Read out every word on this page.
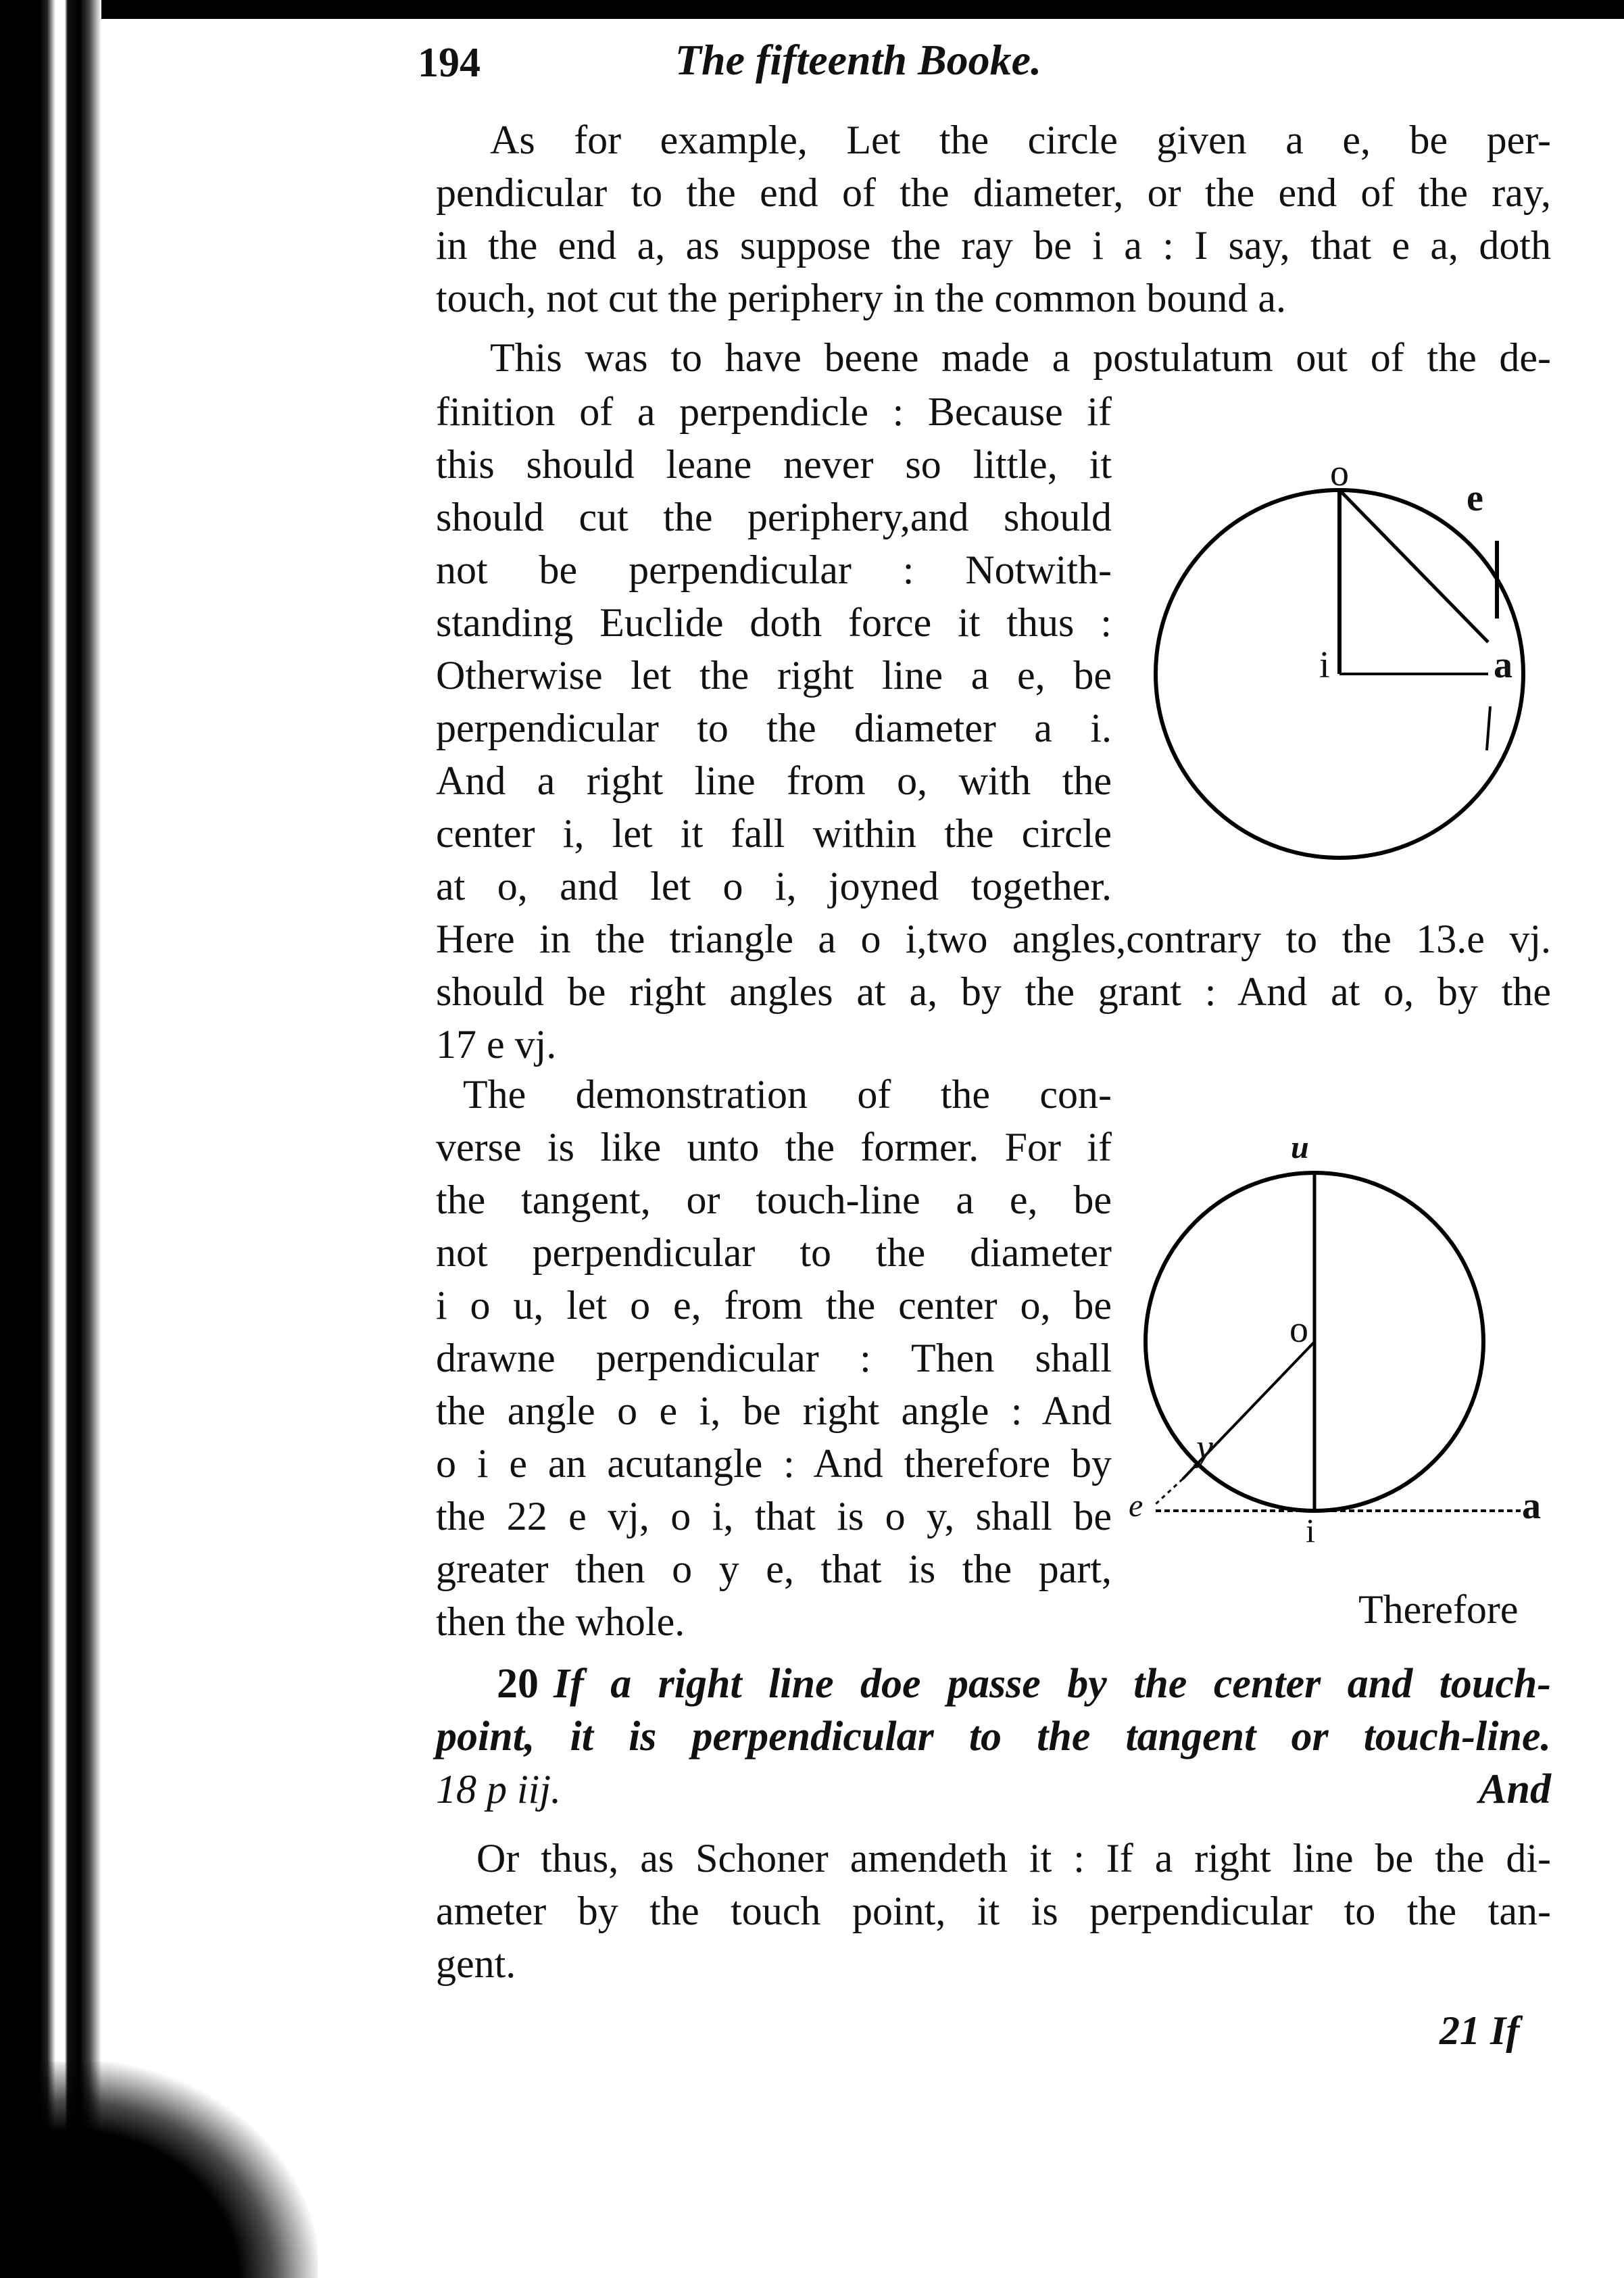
194	The fifteenth Booke.
As for example, Let the circle given a e, be per-
pendicular to the end of the diameter, or the end of the ray,
in the end a, as suppose the ray be i a : I say, that e a, doth
touch, not cut the periphery in the common bound a.
This was to have beene made a postulatum out of the de-
finition of a perpendicle : Because if
this should leane never so little, it
should cut the periphery,and should
not be perpendicular : Notwith-
standing Euclide doth force it thus :
Otherwise let the right line a e, be
perpendicular to the diameter a i.
And a right line from o, with the
center i, let it fall within the circle
at o, and let o i, joyned together.
o
e
i	a
Here in the triangle a o i,two angles,contrary to the 13.e vj.
should be right angles at a, by the grant : And at o, by the
17 e vj.
The demonstration of the con-
verse is like unto the former. For if
the tangent, or touch-line a e, be
not perpendicular to the diameter
i o u, let o e, from the center o, be
drawne perpendicular : Then shall
the angle o e i, be right angle : And
o i e an acutangle : And therefore by
the 22 e vj, o i, that is o y, shall be
greater then o y e, that is the part,
then the whole.
u
o
y
e
i
a
Therefore
20 If a right line doe passe by the center and touch-
point, it is perpendicular to the tangent or touch-line.
18 p iij.	And
Or thus, as Schoner amendeth it : If a right line be the di-
ameter by the touch point, it is perpendicular to the tan-
gent.
21 If
